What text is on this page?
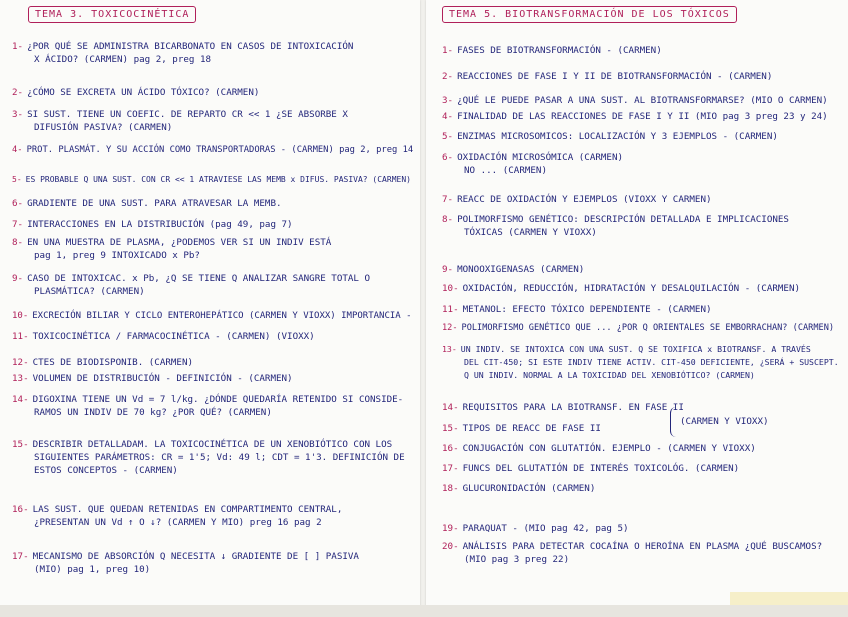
TEMA 3. TOXICOCINÉTICA
1- ¿POR QUÉ SE ADMINISTRA BICARBONATO EN CASOS DE INTOXICACIÓN
X ÁCIDO? (CARMEN) pag 2, preg 18
2- ¿CÓMO SE EXCRETA UN ÁCIDO TÓXICO? (CARMEN)
3- SI SUST. TIENE UN COEFIC. DE REPARTO CR << 1 ¿SE ABSORBE X
DIFUSIÓN PASIVA? (CARMEN)
4- PROT. PLASMÁT. Y SU ACCIÓN COMO TRANSPORTADORAS - (CARMEN) pag 2, preg 14
5- ES PROBABLE Q UNA SUST. CON CR << 1 ATRAVIESE LAS MEMB x DIFUS. PASIVA? (CARMEN)
6- GRADIENTE DE UNA SUST. PARA ATRAVESAR LA MEMB.
7- INTERACCIONES EN LA DISTRIBUCIÓN (pag 49, pag 7)
8- EN UNA MUESTRA DE PLASMA, ¿PODEMOS VER SI UN INDIV ESTÁ
pag 1, preg 9 INTOXICADO x Pb?
9- CASO DE INTOXICAC. x Pb, ¿Q SE TIENE Q ANALIZAR SANGRE TOTAL O
PLASMÁTICA? (CARMEN)
10- EXCRECIÓN BILIAR Y CICLO ENTEROHEPÁTICO (CARMEN Y VIOXX) IMPORTANCIA -
11- TOXICOCINÉTICA / FARMACOCINÉTICA - (CARMEN) (VIOXX)
12- CTES DE BIODISPONIB. (CARMEN)
13- VOLUMEN DE DISTRIBUCIÓN - DEFINICIÓN - (CARMEN)
14- DIGOXINA TIENE UN Vd = 7 l/kg. ¿DÓNDE QUEDARÍA RETENIDO SI CONSIDE-
RAMOS UN INDIV DE 70 kg? ¿POR QUÉ? (CARMEN)
15- DESCRIBIR DETALLADAM. LA TOXICOCINÉTICA DE UN XENOBIÓTICO CON LOS
SIGUIENTES PARÁMETROS: CR = 1'5; Vd: 49 l; CDT = 1'3. DEFINICIÓN DE
ESTOS CONCEPTOS - (CARMEN)
16- LAS SUST. QUE QUEDAN RETENIDAS EN COMPARTIMENTO CENTRAL,
¿PRESENTAN UN Vd ↑ O ↓? (CARMEN Y MIO) preg 16 pag 2
17- MECANISMO DE ABSORCIÓN Q NECESITA ↓ GRADIENTE DE [ ] PASIVA
(MIO) pag 1, preg 10)
TEMA 5. BIOTRANSFORMACIÓN DE LOS TÓXICOS
1- FASES DE BIOTRANSFORMACIÓN - (CARMEN)
2- REACCIONES DE FASE I Y II DE BIOTRANSFORMACIÓN - (CARMEN)
3- ¿QUÉ LE PUEDE PASAR A UNA SUST. AL BIOTRANSFORMARSE? (MIO O CARMEN)
4- FINALIDAD DE LAS REACCIONES DE FASE I Y II (MIO pag 3 preg 23 y 24)
5- ENZIMAS MICROSOMICOS: LOCALIZACIÓN Y 3 EJEMPLOS - (CARMEN)
6- OXIDACIÓN MICROSÓMICA (CARMEN)
NO ... (CARMEN)
7- REACC DE OXIDACIÓN Y EJEMPLOS (VIOXX Y CARMEN)
8- POLIMORFISMO GENÉTICO: DESCRIPCIÓN DETALLADA E IMPLICACIONES
TÓXICAS (CARMEN Y VIOXX)
9- MONOOXIGENASAS (CARMEN)
10- OXIDACIÓN, REDUCCIÓN, HIDRATACIÓN Y DESALQUILACIÓN - (CARMEN)
11- METANOL: EFECTO TÓXICO DEPENDIENTE - (CARMEN)
12- POLIMORFISMO GENÉTICO QUE ... ¿POR Q ORIENTALES SE EMBORRACHAN? (CARMEN)
13- UN INDIV. SE INTOXICA CON UNA SUST. Q SE TOXIFICA x BIOTRANSF. A TRAVÉS
DEL CIT-450; SI ESTE INDIV TIENE ACTIV. CIT-450 DEFICIENTE, ¿SERÁ + SUSCEPT.
Q UN INDIV. NORMAL A LA TOXICIDAD DEL XENOBIÓTICO? (CARMEN)
14- REQUISITOS PARA LA BIOTRANSF. EN FASE II
15- TIPOS DE REACC DE FASE II
16- CONJUGACIÓN CON GLUTATIÓN. EJEMPLO - (CARMEN Y VIOXX)
17- FUNCS DEL GLUTATIÓN DE INTERÉS TOXICOLÓG. (CARMEN)
18- GLUCURONIDACIÓN (CARMEN)
19- PARAQUAT - (MIO pag 42, pag 5)
20- ANÁLISIS PARA DETECTAR COCAÍNA O HEROÍNA EN PLASMA ¿QUÉ BUSCAMOS?
(MIO pag 3 preg 22)
(CARMEN Y VIOXX)
